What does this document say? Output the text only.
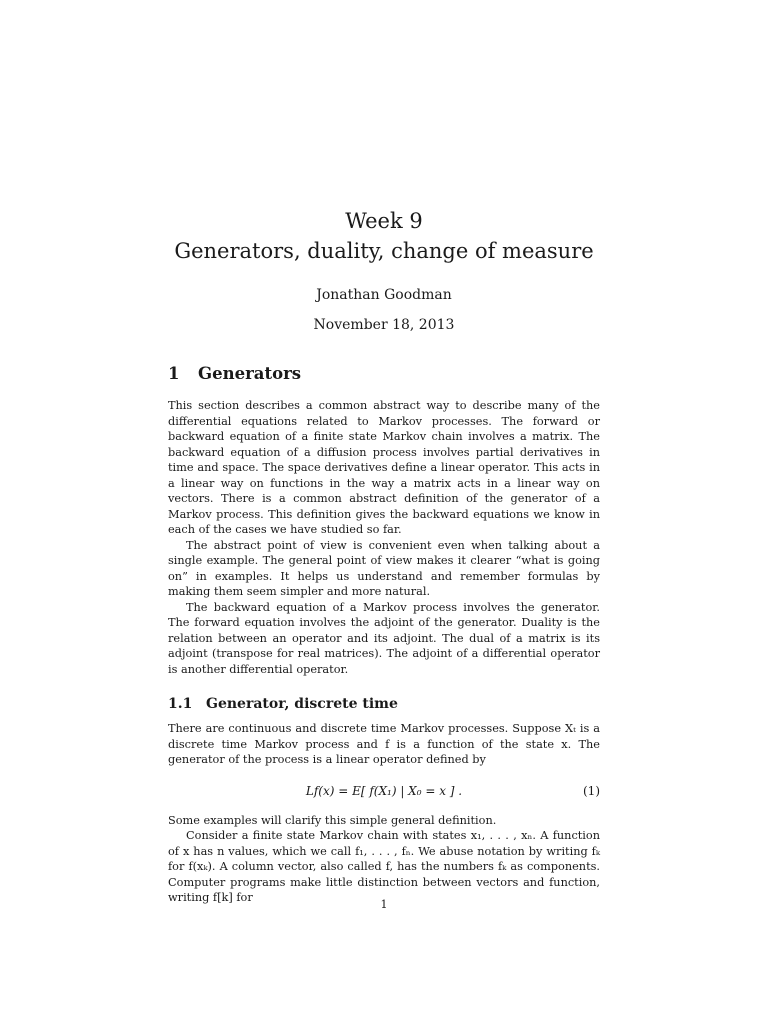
Week 9
Generators, duality, change of measure
Jonathan Goodman
November 18, 2013
1 Generators

This section describes a common abstract way to describe many of the differential equations related to Markov processes. The forward or backward equation of a finite state Markov chain involves a matrix. The backward equation of a diffusion process involves partial derivatives in time and space. The space derivatives define a linear operator. This acts in a linear way on functions in the way a matrix acts in a linear way on vectors. There is a common abstract definition of the generator of a Markov process. This definition gives the backward equations we know in each of the cases we have studied so far.

The abstract point of view is convenient even when talking about a single example. The general point of view makes it clearer “what is going on” in examples. It helps us understand and remember formulas by making them seem simpler and more natural.

The backward equation of a Markov process involves the generator. The forward equation involves the adjoint of the generator. Duality is the relation between an operator and its adjoint. The dual of a matrix is its adjoint (transpose for real matrices). The adjoint of a differential operator is another differential operator.

1.1 Generator, discrete time

There are continuous and discrete time Markov processes. Suppose Xₜ is a discrete time Markov process and f is a function of the state x. The generator of the process is a linear operator defined by

Lf(x) = E[ f(X₁) | X₀ = x ] .	(1)

Some examples will clarify this simple general definition.

Consider a finite state Markov chain with states x₁, . . . , xₙ. A function of x has n values, which we call f₁, . . . , fₙ. We abuse notation by writing fₖ for f(xₖ). A column vector, also called f, has the numbers fₖ as components. Computer programs make little distinction between vectors and function, writing f[k] for

1
